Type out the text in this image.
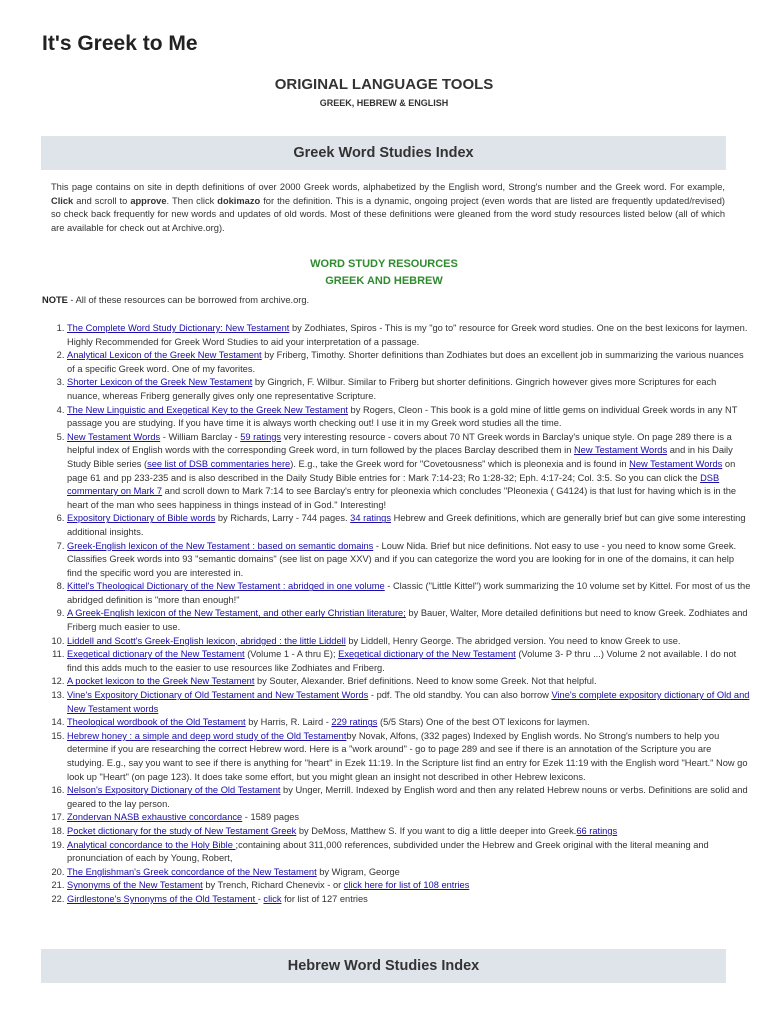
It's Greek to Me
ORIGINAL LANGUAGE TOOLS
GREEK, HEBREW & ENGLISH
Greek Word Studies Index

This page contains on site in depth definitions of over 2000 Greek words, alphabetized by the English word, Strong's number and the Greek word. For example, Click and scroll to approve. Then click dokimazo for the definition. This is a dynamic, ongoing project (even words that are listed are frequently updated/revised) so check back frequently for new words and updates of old words. Most of these definitions were gleaned from the word study resources listed below (all of which are available for check out at Archive.org).

WORD STUDY RESOURCES
GREEK AND HEBREW

NOTE - All of these resources can be borrowed from archive.org.

1. The Complete Word Study Dictionary: New Testament by Zodhiates, Spiros - This is my "go to" resource for Greek word studies. One on the best lexicons for laymen. Highly Recommended for Greek Word Studies to aid your interpretation of a passage.
2. Analytical Lexicon of the Greek New Testament by Friberg, Timothy. Shorter definitions than Zodhiates but does an excellent job in summarizing the various nuances of a specific Greek word. One of my favorites.
3. Shorter Lexicon of the Greek New Testament by Gingrich, F. Wilbur. Similar to Friberg but shorter definitions. Gingrich however gives more Scriptures for each nuance, whereas Friberg generally gives only one representative Scripture.
4. The New Linguistic and Exegetical Key to the Greek New Testament by Rogers, Cleon - This book is a gold mine of little gems on individual Greek words in any NT passage you are studying. If you have time it is always worth checking out! I use it in my Greek word studies all the time.
5. New Testament Words - William Barclay - 59 ratings very interesting resource - covers about 70 NT Greek words in Barclay's unique style. On page 289 there is a helpful index of English words with the corresponding Greek word, in turn followed by the places Barclay described them in New Testament Words and in his Daily Study Bible series (see list of DSB commentaries here). E.g., take the Greek word for "Covetousness" which is pleonexia and is found in New Testament Words on page 61 and pp 233-235 and is also described in the Daily Study Bible entries for : Mark 7:14-23; Ro 1:28-32; Eph. 4:17-24; Col. 3:5. So you can click the DSB commentary on Mark 7 and scroll down to Mark 7:14 to see Barclay's entry for pleonexia which concludes "Pleonexia ( G4124) is that lust for having which is in the heart of the man who sees happiness in things instead of in God." Interesting!
6. Expository Dictionary of Bible words by Richards, Larry - 744 pages. 34 ratings Hebrew and Greek definitions, which are generally brief but can give some interesting additional insights.
7. Greek-English lexicon of the New Testament : based on semantic domains - Louw Nida. Brief but nice definitions. Not easy to use - you need to know some Greek. Classifies Greek words into 93 "semantic domains" (see list on page XXV) and if you can categorize the word you are looking for in one of the domains, it can help find the specific word you are interested in.
8. Kittel's Theological Dictionary of the New Testament : abridged in one volume - Classic ("Little Kittel") work summarizing the 10 volume set by Kittel. For most of us the abridged definition is "more than enough!"
9. A Greek-English lexicon of the New Testament, and other early Christian literature; by Bauer, Walter, More detailed definitions but need to know Greek. Zodhiates and Friberg much easier to use.
10. Liddell and Scott's Greek-English lexicon, abridged : the little Liddell by Liddell, Henry George. The abridged version. You need to know Greek to use.
11. Exegetical dictionary of the New Testament (Volume 1 - A thru E); Exegetical dictionary of the New Testament (Volume 3- P thru ...) Volume 2 not available. I do not find this adds much to the easier to use resources like Zodhiates and Friberg.
12. A pocket lexicon to the Greek New Testament by Souter, Alexander. Brief definitions. Need to know some Greek. Not that helpful.
13. Vine's Expository Dictionary of Old Testament and New Testament Words - pdf. The old standby. You can also borrow Vine's complete expository dictionary of Old and New Testament words
14. Theological wordbook of the Old Testament by Harris, R. Laird - 229 ratings (5/5 Stars) One of the best OT lexicons for laymen.
15. Hebrew honey : a simple and deep word study of the Old Testamentby Novak, Alfons, (332 pages) Indexed by English words. No Strong's numbers to help you determine if you are researching the correct Hebrew word. Here is a "work around" - go to page 289 and see if there is an annotation of the Scripture you are studying. E.g., say you want to see if there is anything for "heart" in Ezek 11:19. In the Scripture list find an entry for Ezek 11:19 with the English word "Heart." Now go look up "Heart" (on page 123). It does take some effort, but you might glean an insight not described in other Hebrew lexicons.
16. Nelson's Expository Dictionary of the Old Testament by Unger, Merrill. Indexed by English word and then any related Hebrew nouns or verbs. Definitions are solid and geared to the lay person.
17. Zondervan NASB exhaustive concordance - 1589 pages
18. Pocket dictionary for the study of New Testament Greek by DeMoss, Matthew S. If you want to dig a little deeper into Greek.66 ratings
19. Analytical concordance to the Holy Bible ;containing about 311,000 references, subdivided under the Hebrew and Greek original with the literal meaning and pronunciation of each by Young, Robert,
20. The Englishman's Greek concordance of the New Testament by Wigram, George
21. Synonyms of the New Testament by Trench, Richard Chenevix - or click here for list of 108 entries
22. Girdlestone's Synonyms of the Old Testament - click for list of 127 entries
Hebrew Word Studies Index
